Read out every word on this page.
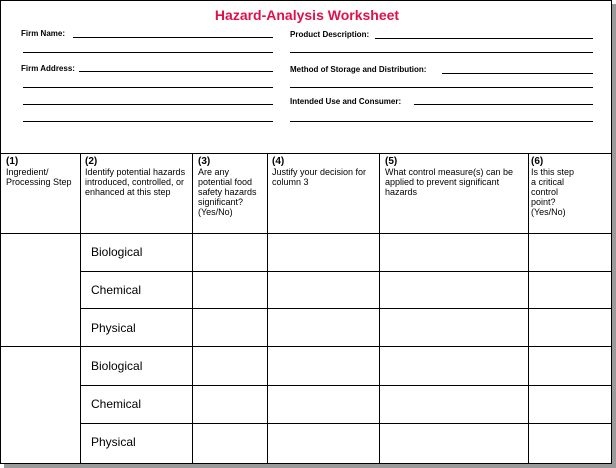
Hazard-Analysis Worksheet
Firm Name:
Firm Address:
Product Description:
Method of Storage and Distribution:
Intended Use and Consumer:
(1)
Ingredient/ Processing Step
(2)
Identify potential hazards introduced, controlled, or enhanced at this step
(3)
Are any potential food safety hazards significant? (Yes/No)
(4)
Justify your decision for column 3
(5)
What control measure(s) can be applied to prevent significant hazards
(6)
Is this step a critical control point? (Yes/No)
Biological
Chemical
Physical
Biological
Chemical
Physical
